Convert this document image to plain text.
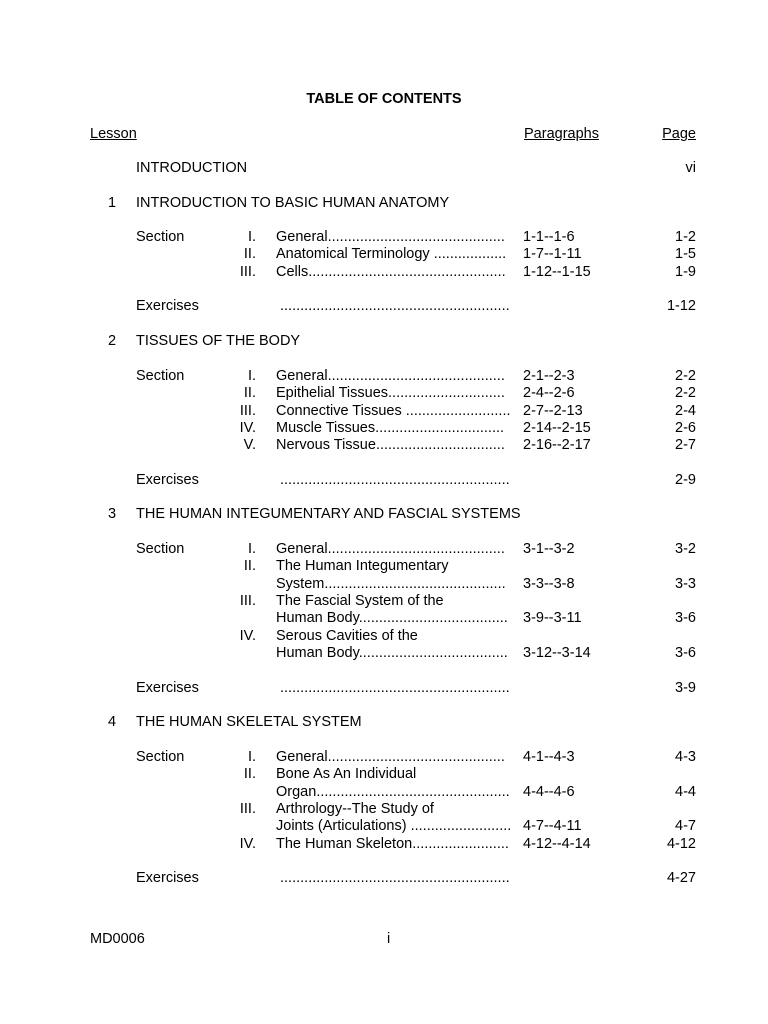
TABLE OF CONTENTS
Lesson	Paragraphs	Page
INTRODUCTION	vi
1 INTRODUCTION TO BASIC HUMAN ANATOMY
Section	I. General............................................ 1-1--1-6	1-2
II. Anatomical Terminology .................. 1-7--1-11	1-5
III. Cells................................................. 1-12--1-15	1-9
Exercises	.........................................................	1-12
2 TISSUES OF THE BODY
Section	I. General............................................ 2-1--2-3	2-2
II. Epithelial Tissues............................. 2-4--2-6	2-2
III. Connective Tissues .......................... 2-7--2-13	2-4
IV. Muscle Tissues................................ 2-14--2-15	2-6
V. Nervous Tissue................................ 2-16--2-17	2-7
Exercises	.........................................................	2-9
3 THE HUMAN INTEGUMENTARY AND FASCIAL SYSTEMS
Section	I. General............................................ 3-1--3-2	3-2
II. The Human Integumentary
System............................................. 3-3--3-8	3-3
III. The Fascial System of the
Human Body..................................... 3-9--3-11	3-6
IV. Serous Cavities of the
Human Body..................................... 3-12--3-14	3-6
Exercises	.........................................................	3-9
4 THE HUMAN SKELETAL SYSTEM
Section	I. General............................................ 4-1--4-3	4-3
II. Bone As An Individual
Organ................................................ 4-4--4-6	4-4
III. Arthrology--The Study of
Joints (Articulations) ......................... 4-7--4-11	4-7
IV. The Human Skeleton........................ 4-12--4-14	4-12
Exercises	.........................................................	4-27
MD0006	i
